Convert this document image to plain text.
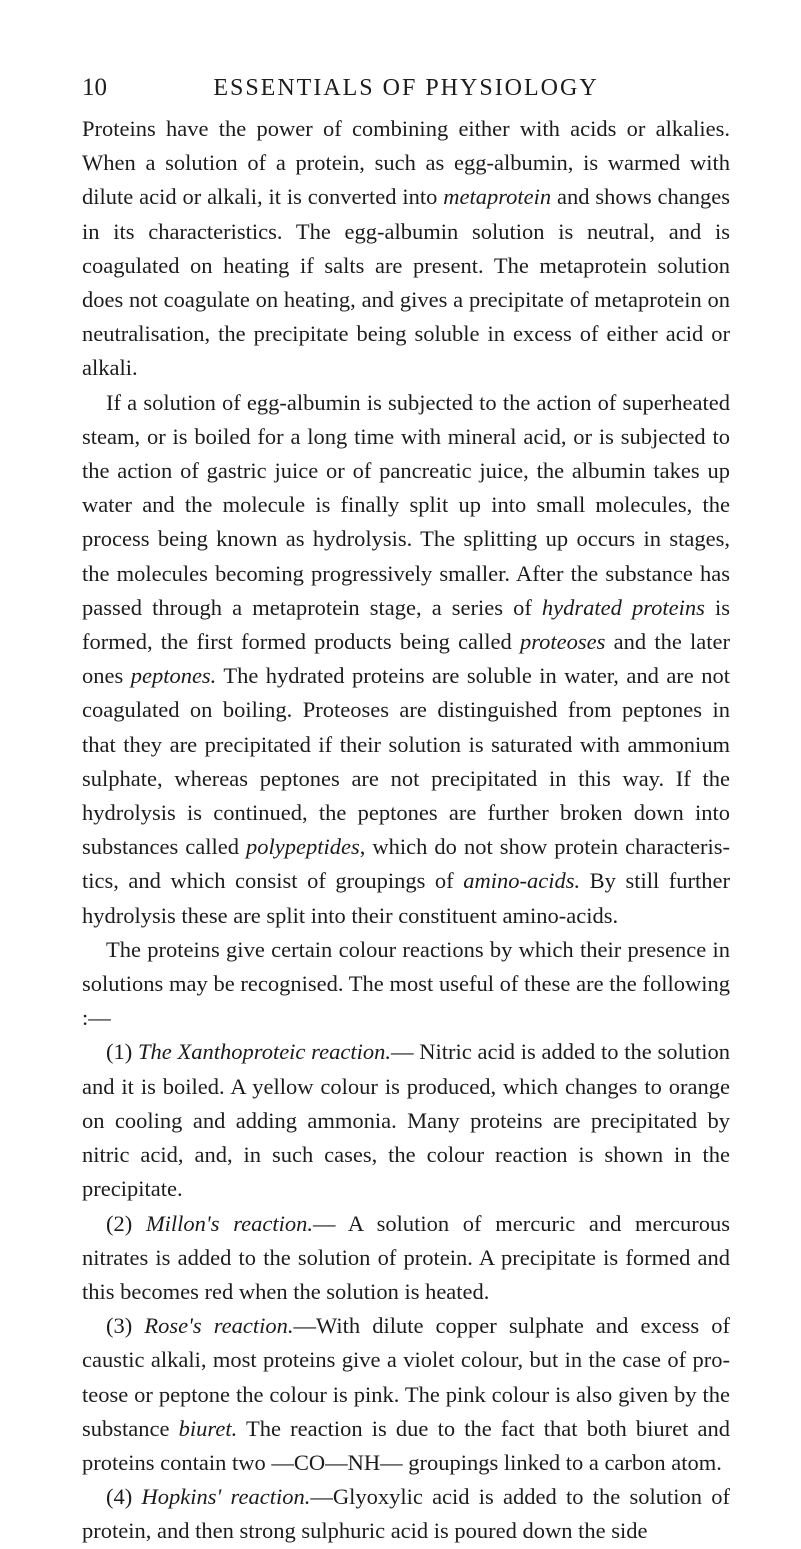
10	ESSENTIALS OF PHYSIOLOGY

Proteins have the power of combining either with acids or alkalies. When a solution of a protein, such as egg-albumin, is warmed with dilute acid or alkali, it is converted into metaprotein and shows changes in its characteristics. The egg-albumin solution is neutral, and is coagulated on heating if salts are present. The metaprotein solution does not coagulate on heating, and gives a precipitate of metaprotein on neutralisation, the precipitate being soluble in excess of either acid or alkali.

If a solution of egg-albumin is subjected to the action of superheated steam, or is boiled for a long time with mineral acid, or is subjected to the action of gastric juice or of pancreatic juice, the albumin takes up water and the molecule is finally split up into small molecules, the process being known as hydrolysis. The splitting up occurs in stages, the molecules becoming progressively smaller. After the substance has passed through a metaprotein stage, a series of hydrated proteins is formed, the first formed products being called proteoses and the later ones peptones. The hydrated proteins are soluble in water, and are not coagulated on boiling. Proteoses are distinguished from peptones in that they are precipitated if their solution is saturated with ammonium sulphate, whereas peptones are not precipitated in this way. If the hydrolysis is continued, the peptones are further broken down into substances called polypeptides, which do not show protein characteris- tics, and which consist of groupings of amino-acids. By still further hydrolysis these are split into their constituent amino-acids.

The proteins give certain colour reactions by which their presence in solutions may be recognised. The most useful of these are the following :—

(1) The Xanthoproteic reaction.— Nitric acid is added to the solution and it is boiled. A yellow colour is produced, which changes to orange on cooling and adding ammonia. Many proteins are precipitated by nitric acid, and, in such cases, the colour reaction is shown in the precipitate.

(2) Millon's reaction.— A solution of mercuric and mercurous nitrates is added to the solution of protein. A precipitate is formed and this becomes red when the solution is heated.

(3) Rose's reaction.—With dilute copper sulphate and excess of caustic alkali, most proteins give a violet colour, but in the case of pro- teose or peptone the colour is pink. The pink colour is also given by the substance biuret. The reaction is due to the fact that both biuret and proteins contain two —CO—NH— groupings linked to a carbon atom.

(4) Hopkins' reaction.—Glyoxylic acid is added to the solution of protein, and then strong sulphuric acid is poured down the side
